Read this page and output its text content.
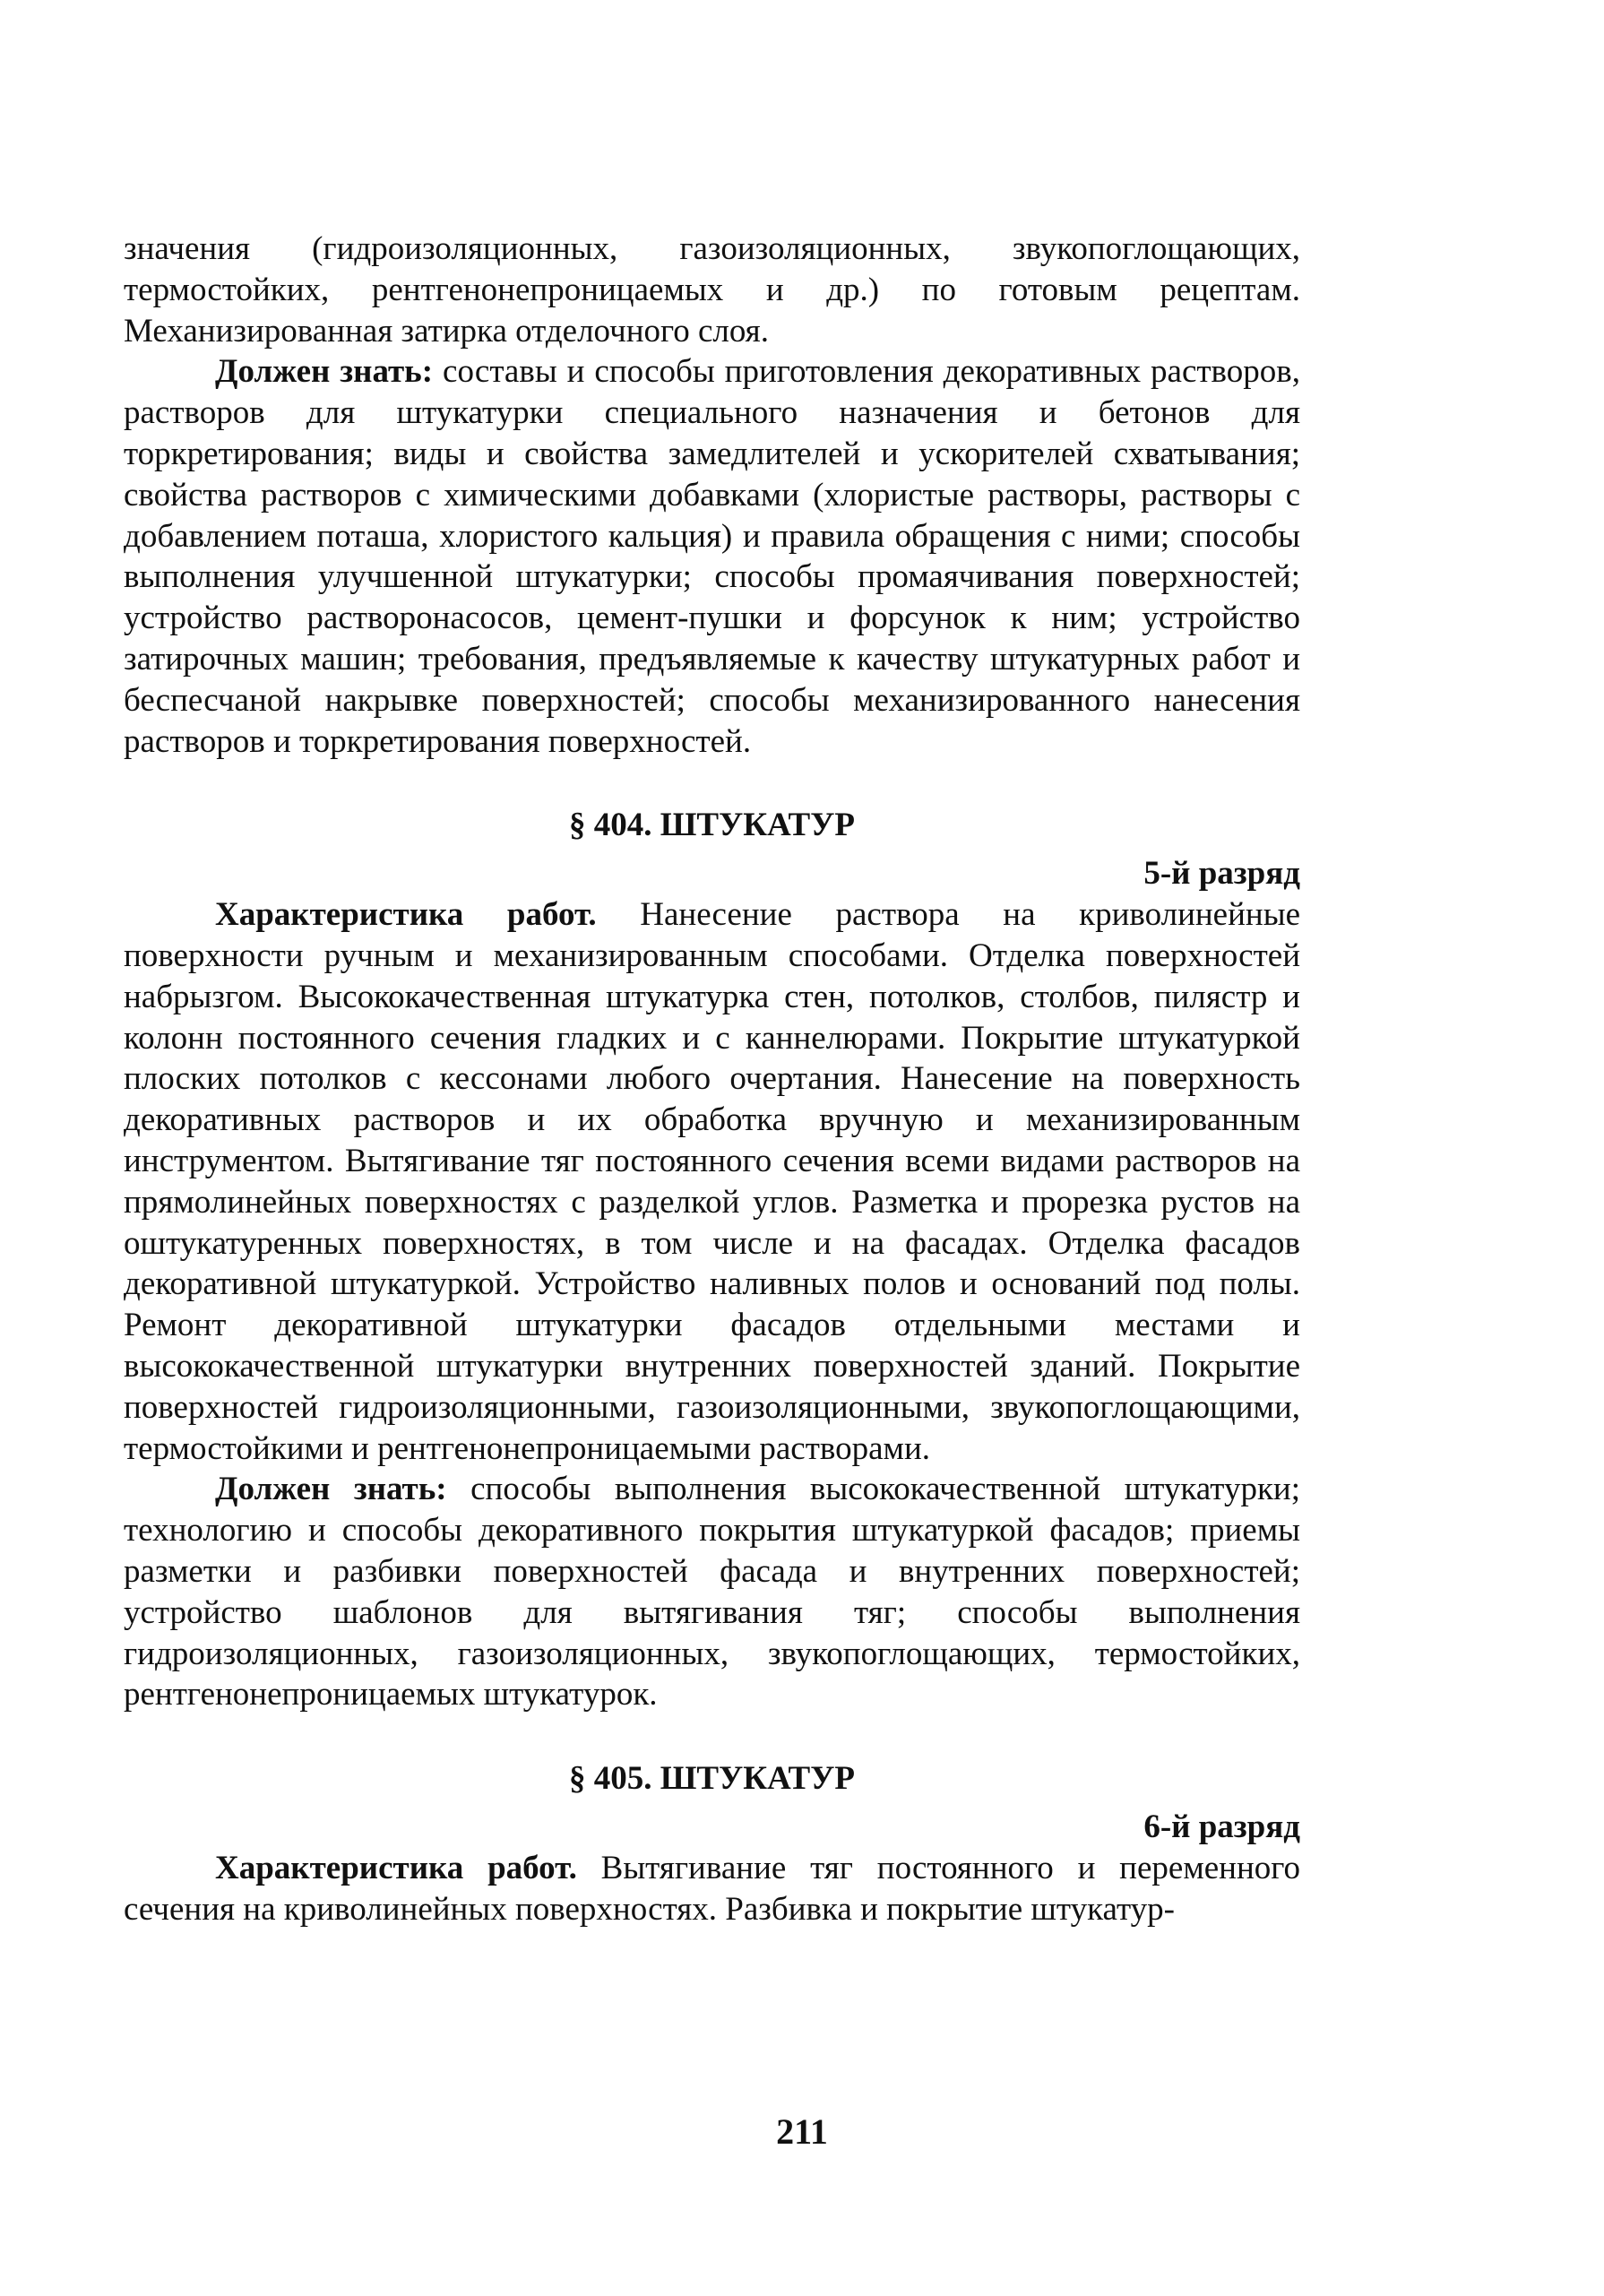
значения (гидроизоляционных, газоизоляционных, звукопоглощающих, термостойких, рентгенонепроницаемых и др.) по готовым рецептам. Механизированная затирка отделочного слоя.

Должен знать: составы и способы приготовления декоративных растворов, растворов для штукатурки специального назначения и бетонов для торкретирования; виды и свойства замедлителей и ускорителей схватывания; свойства растворов с химическими добавками (хлористые растворы, растворы с добавлением поташа, хлористого кальция) и правила обращения с ними; способы выполнения улучшенной штукатурки; способы промаячивания поверхностей; устройство растворонасосов, цемент-пушки и форсунок к ним; устройство затирочных машин; требования, предъявляемые к качеству штукатурных работ и беспесчаной накрывке поверхностей; способы механизированного нанесения растворов и торкретирования поверхностей.

§ 404. ШТУКАТУР

5-й разряд

Характеристика работ. Нанесение раствора на криволинейные поверхности ручным и механизированным способами. Отделка поверхностей набрызгом. Высококачественная штукатурка стен, потолков, столбов, пилястр и колонн постоянного сечения гладких и с каннелюрами. Покрытие штукатуркой плоских потолков с кессонами любого очертания. Нанесение на поверхность декоративных растворов и их обработка вручную и механизированным инструментом. Вытягивание тяг постоянного сечения всеми видами растворов на прямолинейных поверхностях с разделкой углов. Разметка и прорезка рустов на оштукатуренных поверхностях, в том числе и на фасадах. Отделка фасадов декоративной штукатуркой. Устройство наливных полов и оснований под полы. Ремонт декоративной штукатурки фасадов отдельными местами и высококачественной штукатурки внутренних поверхностей зданий. Покрытие поверхностей гидроизоляционными, газоизоляционными, звукопоглощающими, термостойкими и рентгенонепроницаемыми растворами.

Должен знать: способы выполнения высококачественной штукатурки; технологию и способы декоративного покрытия штукатуркой фасадов; приемы разметки и разбивки поверхностей фасада и внутренних поверхностей; устройство шаблонов для вытягивания тяг; способы выполнения гидроизоляционных, газоизоляционных, звукопоглощающих, термостойких, рентгенонепроницаемых штукатурок.

§ 405. ШТУКАТУР

6-й разряд

Характеристика работ. Вытягивание тяг постоянного и переменного сечения на криволинейных поверхностях. Разбивка и покрытие штукатур-

211
